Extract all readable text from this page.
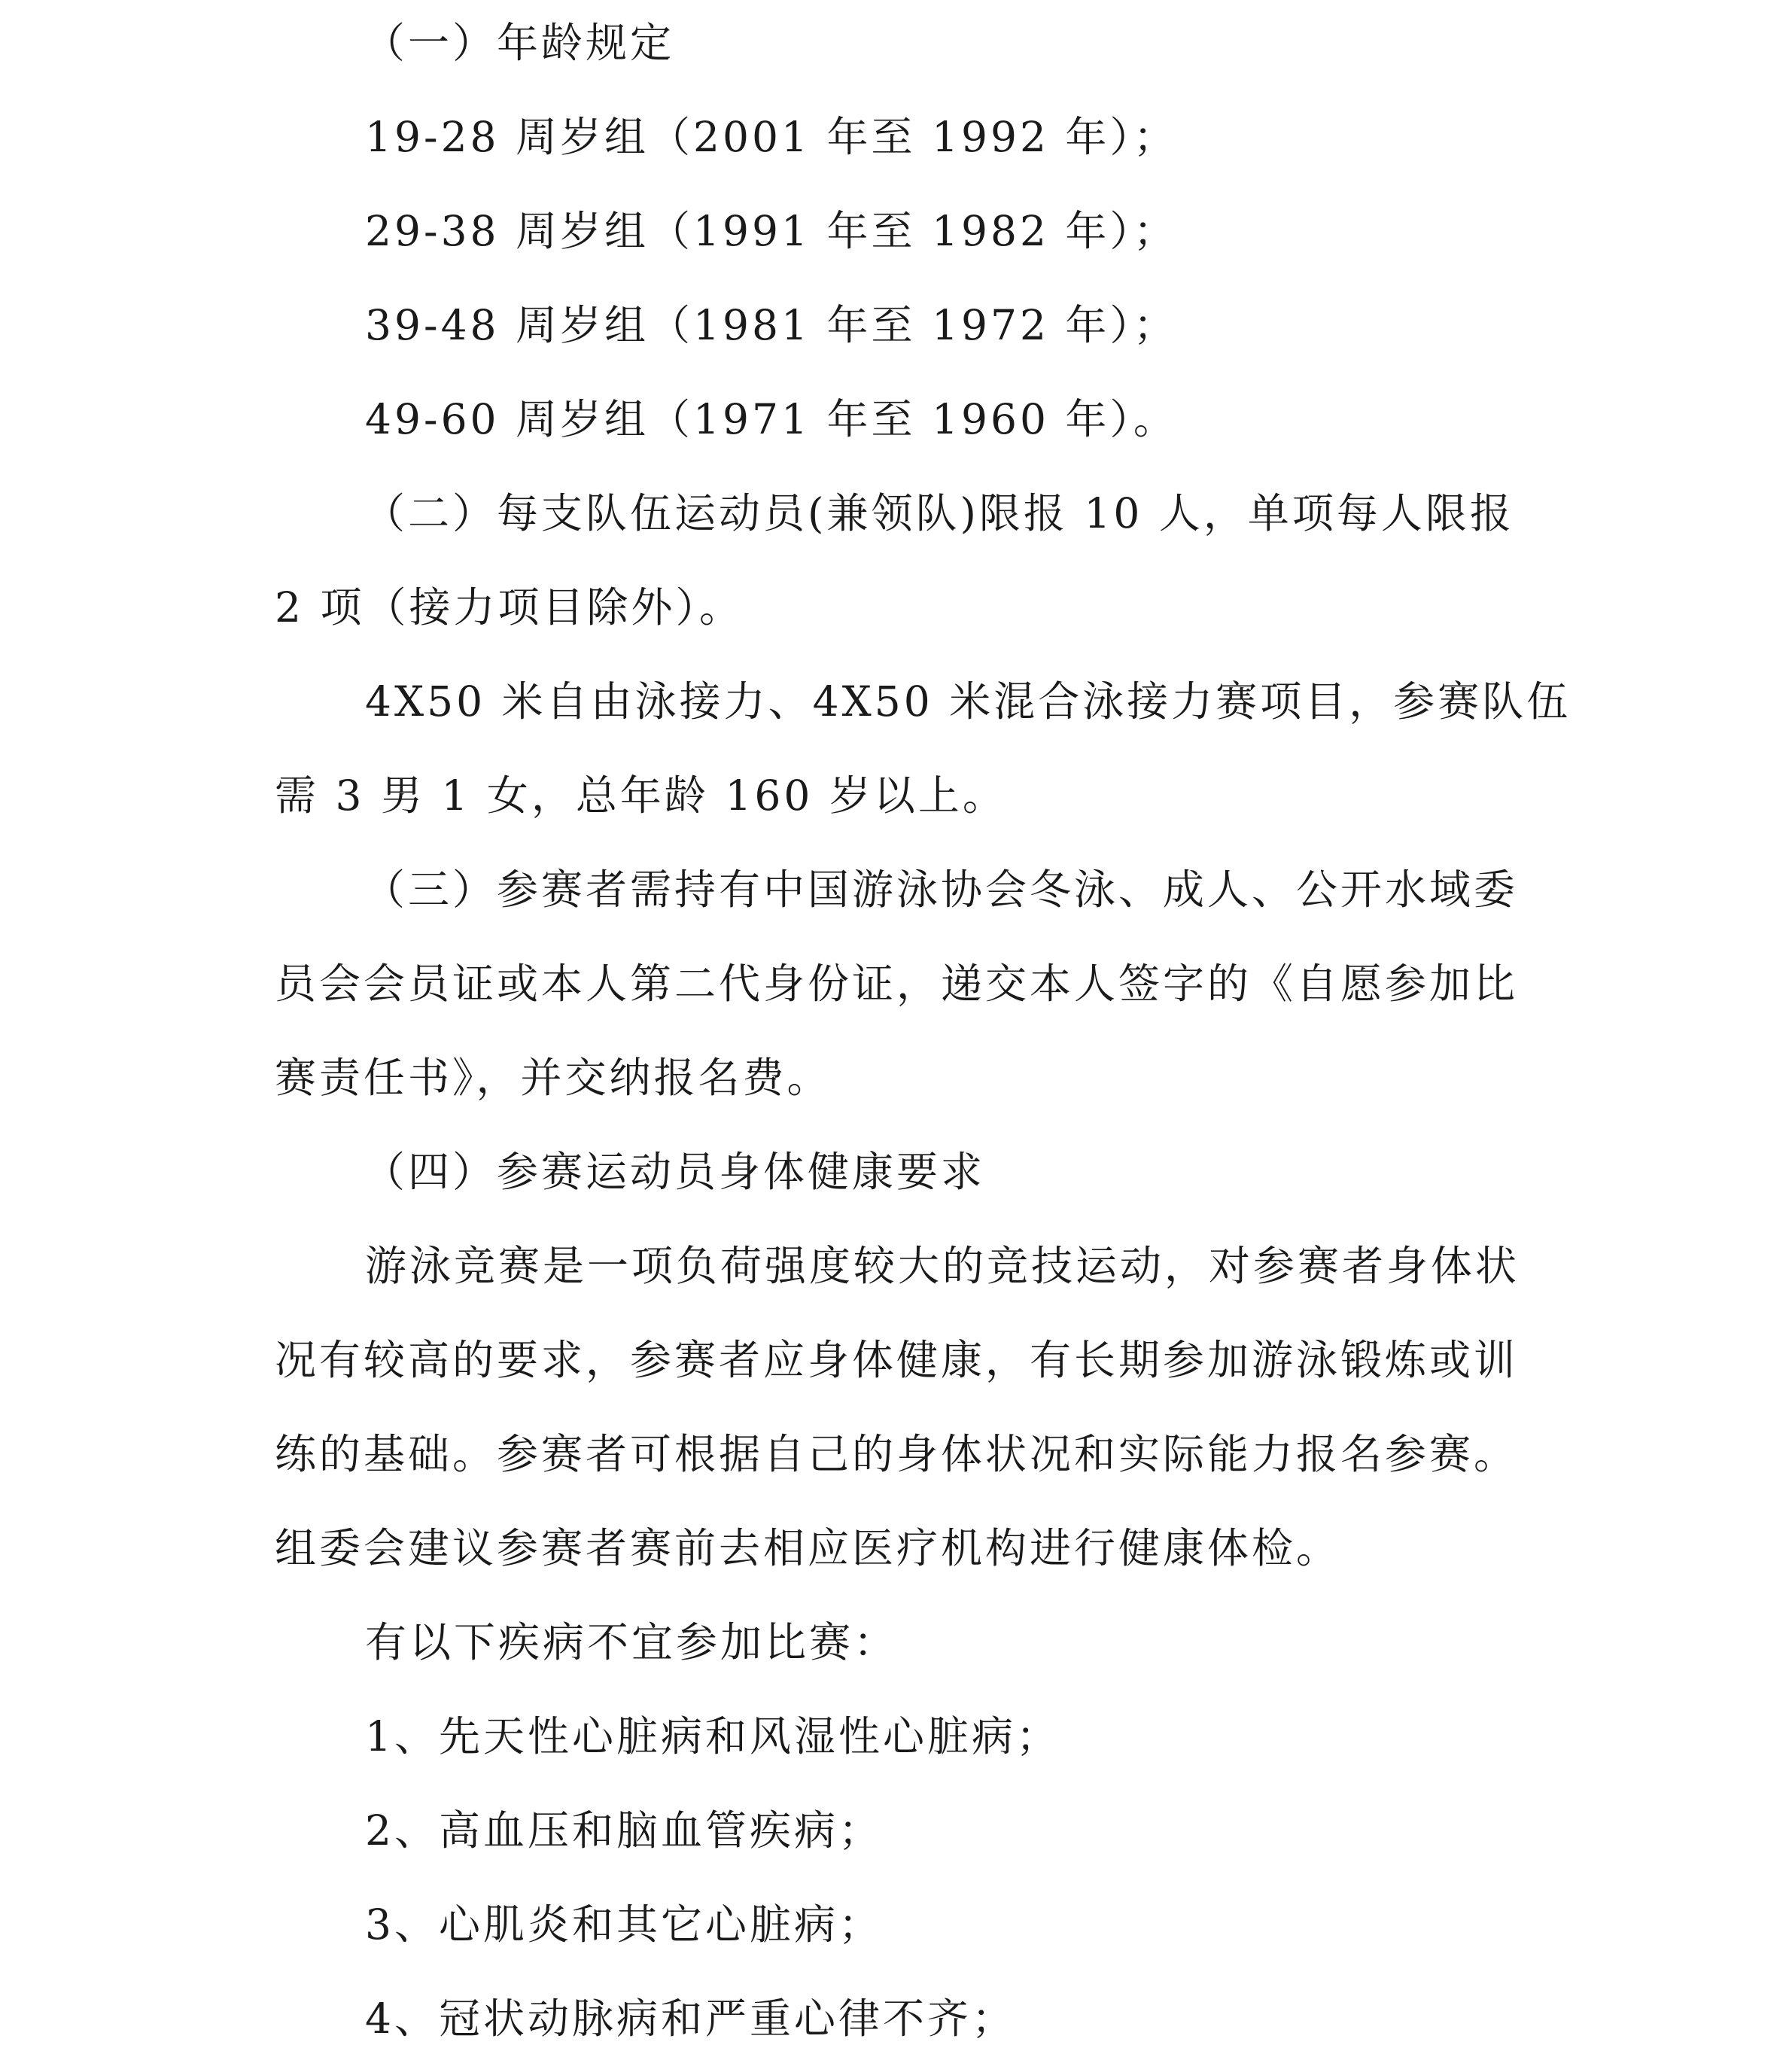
（一）年龄规定
19-28 周岁组（2001 年至 1992 年）；
29-38 周岁组（1991 年至 1982 年）；
39-48 周岁组（1981 年至 1972 年）；
49-60 周岁组（1971 年至 1960 年）。
（二）每支队伍运动员(兼领队)限报 10 人，单项每人限报
2 项（接力项目除外）。
4X50 米自由泳接力、4X50 米混合泳接力赛项目，参赛队伍
需 3 男 1 女，总年龄 160 岁以上。
（三）参赛者需持有中国游泳协会冬泳、成人、公开水域委
员会会员证或本人第二代身份证，递交本人签字的《自愿参加比
赛责任书》，并交纳报名费。
（四）参赛运动员身体健康要求
游泳竞赛是一项负荷强度较大的竞技运动，对参赛者身体状
况有较高的要求，参赛者应身体健康，有长期参加游泳锻炼或训
练的基础。参赛者可根据自己的身体状况和实际能力报名参赛。
组委会建议参赛者赛前去相应医疗机构进行健康体检。
有以下疾病不宜参加比赛：
1、先天性心脏病和风湿性心脏病；
2、高血压和脑血管疾病；
3、心肌炎和其它心脏病；
4、冠状动脉病和严重心律不齐；
